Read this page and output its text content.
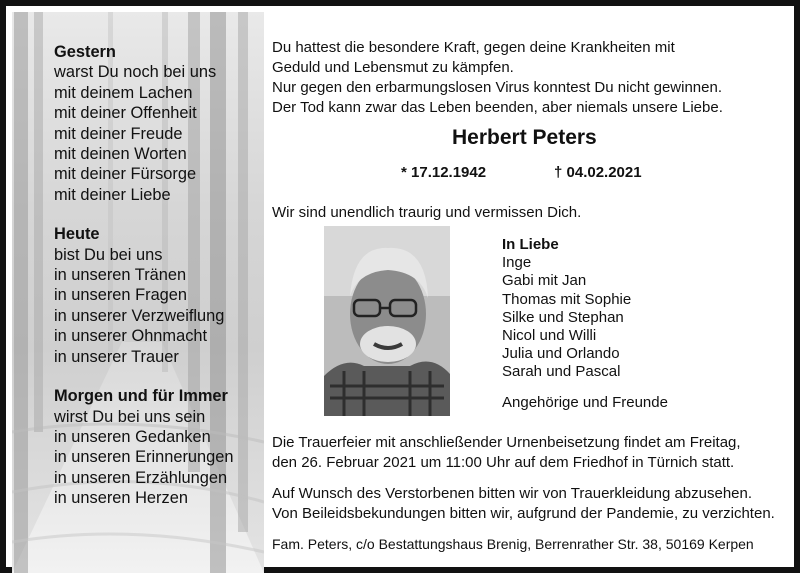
Gestern
warst Du noch bei uns
mit deinem Lachen
mit deiner Offenheit
mit deiner Freude
mit deinen Worten
mit deiner Fürsorge
mit deiner Liebe
Heute
bist Du bei uns
in unseren Tränen
in unseren Fragen
in unserer Verzweiflung
in unserer Ohnmacht
in unserer Trauer
Morgen und für Immer
wirst Du bei uns sein
in unseren Gedanken
in unseren Erinnerungen
in unseren Erzählungen
in unseren Herzen
Du hattest die besondere Kraft, gegen deine Krankheiten mit
Geduld und Lebensmut zu kämpfen.
Nur gegen den erbarmungslosen Virus konntest Du nicht gewinnen.
Der Tod kann zwar das Leben beenden, aber niemals unsere Liebe.
Herbert Peters
* 17.12.1942	† 04.02.2021
Wir sind unendlich traurig und vermissen Dich.
In Liebe
Inge
Gabi mit Jan
Thomas mit Sophie
Silke und Stephan
Nicol und Willi
Julia und Orlando
Sarah und Pascal
Angehörige und Freunde
Die Trauerfeier mit anschließender Urnenbeisetzung findet am Freitag,
den 26. Februar 2021 um 11:00 Uhr auf dem Friedhof in Türnich statt.
Auf Wunsch des Verstorbenen bitten wir von Trauerkleidung abzusehen.
Von Beileidsbekundungen bitten wir, aufgrund der Pandemie, zu verzichten.
Fam. Peters, c/o Bestattungshaus Brenig, Berrenrather Str. 38, 50169 Kerpen
